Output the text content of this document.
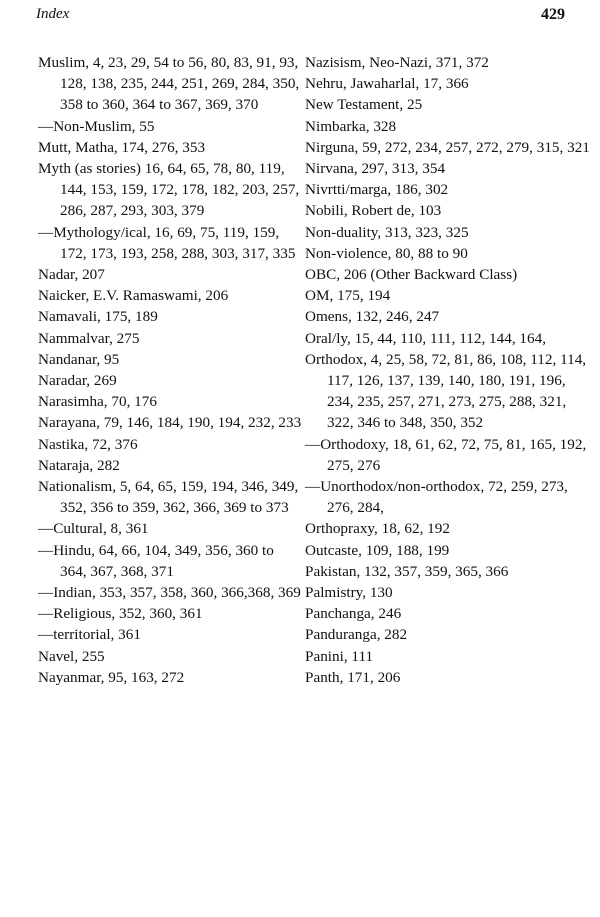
Index	429

Muslim, 4, 23, 29, 54 to 56, 80, 83, 91, 93, 128, 138, 235, 244, 251, 269, 284, 350, 358 to 360, 364 to 367, 369, 370

—Non-Muslim, 55

Mutt, Matha, 174, 276, 353

Myth (as stories) 16, 64, 65, 78, 80, 119, 144, 153, 159, 172, 178, 182, 203, 257, 286, 287, 293, 303, 379

—Mythology/ical, 16, 69, 75, 119, 159, 172, 173, 193, 258, 288, 303, 317, 335

Nadar, 207

Naicker, E.V. Ramaswami, 206

Namavali, 175, 189

Nammalvar, 275

Nandanar, 95

Naradar, 269

Narasimha, 70, 176

Narayana, 79, 146, 184, 190, 194, 232, 233

Nastika, 72, 376

Nataraja, 282

Nationalism, 5, 64, 65, 159, 194, 346, 349, 352, 356 to 359, 362, 366, 369 to 373

—Cultural, 8, 361

—Hindu, 64, 66, 104, 349, 356, 360 to 364, 367, 368, 371

—Indian, 353, 357, 358, 360, 366,368, 369

—Religious, 352, 360, 361

—territorial, 361

Navel, 255

Nayanmar, 95, 163, 272

Nazisism, Neo-Nazi, 371, 372

Nehru, Jawaharlal, 17, 366

New Testament, 25

Nimbarka, 328

Nirguna, 59, 272, 234, 257, 272, 279, 315, 321

Nirvana, 297, 313, 354

Nivrtti/marga, 186, 302

Nobili, Robert de, 103

Non-duality, 313, 323, 325

Non-violence, 80, 88 to 90

OBC, 206 (Other Backward Class)

OM, 175, 194

Omens, 132, 246, 247

Oral/ly, 15, 44, 110, 111, 112, 144, 164,

Orthodox, 4, 25, 58, 72, 81, 86, 108, 112, 114, 117, 126, 137, 139, 140, 180, 191, 196, 234, 235, 257, 271, 273, 275, 288, 321, 322, 346 to 348, 350, 352

—Orthodoxy, 18, 61, 62, 72, 75, 81, 165, 192, 275, 276

—Unorthodox/non-orthodox, 72, 259, 273, 276, 284,

Orthopraxy, 18, 62, 192

Outcaste, 109, 188, 199

Pakistan, 132, 357, 359, 365, 366

Palmistry, 130

Panchanga, 246

Panduranga, 282

Panini, 111

Panth, 171, 206
